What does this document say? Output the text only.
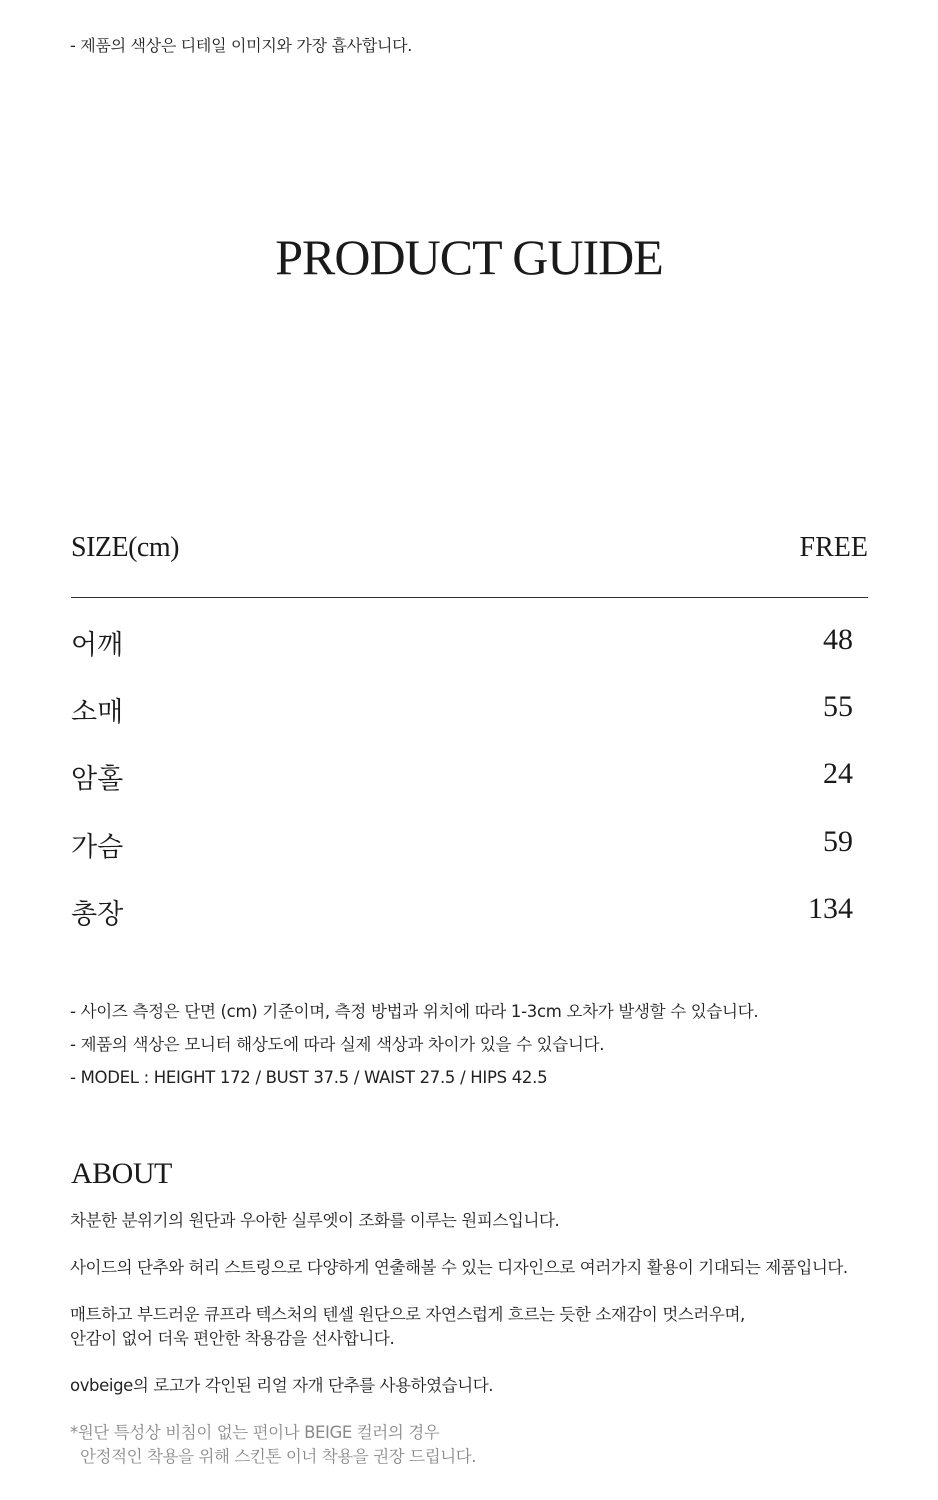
- 제품의 색상은 디테일 이미지와 가장 흡사합니다.
PRODUCT GUIDE
SIZE(cm)	FREE
어깨	48
소매	55
암홀	24
가슴	59
총장	134
- 사이즈 측정은 단면 (cm) 기준이며, 측정 방법과 위치에 따라 1-3cm 오차가 발생할 수 있습니다.
- 제품의 색상은 모니터 해상도에 따라 실제 색상과 차이가 있을 수 있습니다.
- MODEL : HEIGHT 172 / BUST 37.5 / WAIST 27.5 / HIPS 42.5
ABOUT

차분한 분위기의 원단과 우아한 실루엣이 조화를 이루는 원피스입니다.

사이드의 단추와 허리 스트링으로 다양하게 연출해볼 수 있는 디자인으로 여러가지 활용이 기대되는 제품입니다.

매트하고 부드러운 큐프라 텍스처의 텐셀 원단으로 자연스럽게 흐르는 듯한 소재감이 멋스러우며,

안감이 없어 더욱 편안한 착용감을 선사합니다.

ovbeige의 로고가 각인된 리얼 자개 단추를 사용하였습니다.

*원단 특성상 비침이 없는 편이나 BEIGE 컬러의 경우

안정적인 착용을 위해 스킨톤 이너 착용을 권장 드립니다.
